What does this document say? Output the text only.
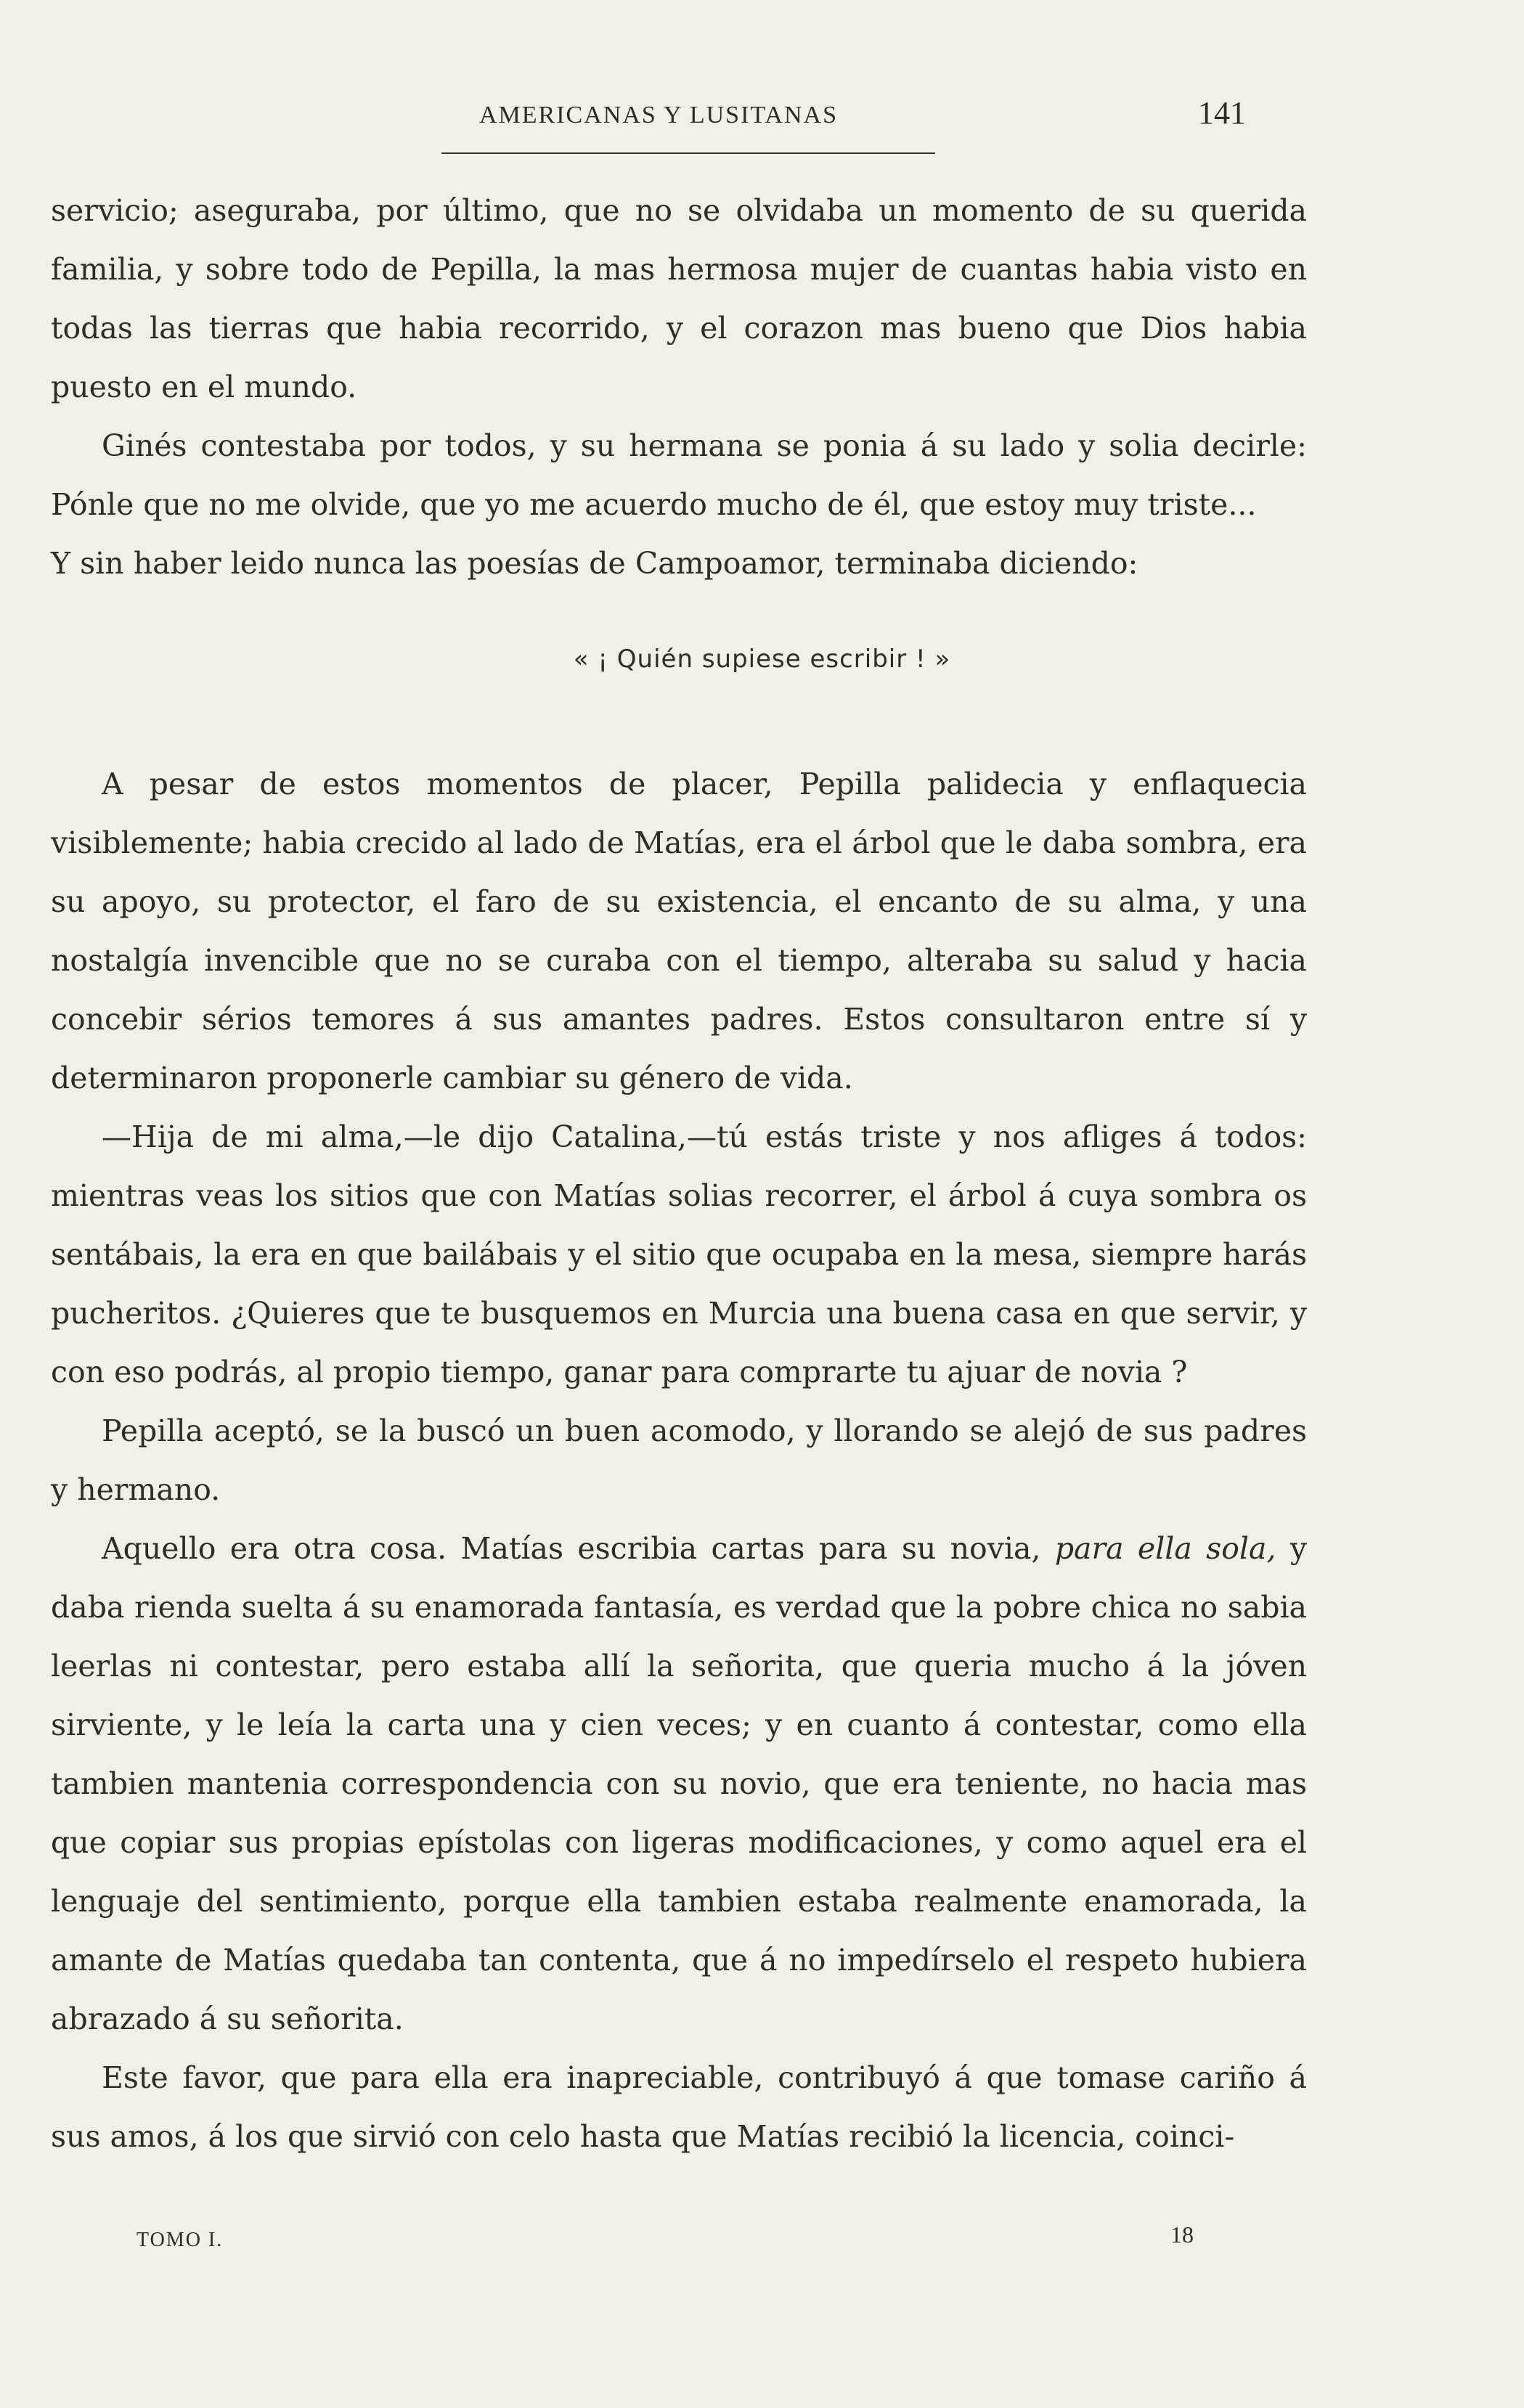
AMERICANAS Y LUSITANAS	141

servicio; aseguraba, por último, que no se olvidaba un momento de su querida familia, y sobre todo de Pepilla, la mas hermosa mujer de cuantas habia visto en todas las tierras que habia recorrido, y el corazon mas bueno que Dios habia puesto en el mundo.

Ginés contestaba por todos, y su hermana se ponia á su lado y solia decirle: Pónle que no me olvide, que yo me acuerdo mucho de él, que estoy muy triste...

Y sin haber leido nunca las poesías de Campoamor, terminaba diciendo:

« ¡ Quién supiese escribir ! »

A pesar de estos momentos de placer, Pepilla palidecia y enflaquecia visiblemente; habia crecido al lado de Matías, era el árbol que le daba sombra, era su apoyo, su protector, el faro de su existencia, el encanto de su alma, y una nostalgía invencible que no se curaba con el tiempo, alteraba su salud y hacia concebir sérios temores á sus amantes padres. Estos consultaron entre sí y determinaron proponerle cambiar su género de vida.

—Hija de mi alma,—le dijo Catalina,—tú estás triste y nos afliges á todos: mientras veas los sitios que con Matías solias recorrer, el árbol á cuya sombra os sentábais, la era en que bailábais y el sitio que ocupaba en la mesa, siempre harás pucheritos. ¿Quieres que te busquemos en Murcia una buena casa en que servir, y con eso podrás, al propio tiempo, ganar para comprarte tu ajuar de novia ?

Pepilla aceptó, se la buscó un buen acomodo, y llorando se alejó de sus padres y hermano.

Aquello era otra cosa. Matías escribia cartas para su novia, para ella sola, y daba rienda suelta á su enamorada fantasía, es verdad que la pobre chica no sabia leerlas ni contestar, pero estaba allí la señorita, que queria mucho á la jóven sirviente, y le leía la carta una y cien veces; y en cuanto á contestar, como ella tambien mantenia correspondencia con su novio, que era teniente, no hacia mas que copiar sus propias epístolas con ligeras modificaciones, y como aquel era el lenguaje del sentimiento, porque ella tambien estaba realmente enamorada, la amante de Matías quedaba tan contenta, que á no impedírselo el respeto hubiera abrazado á su señorita.

Este favor, que para ella era inapreciable, contribuyó á que tomase cariño á sus amos, á los que sirvió con celo hasta que Matías recibió la licencia, coinci-

TOMO I.	18
